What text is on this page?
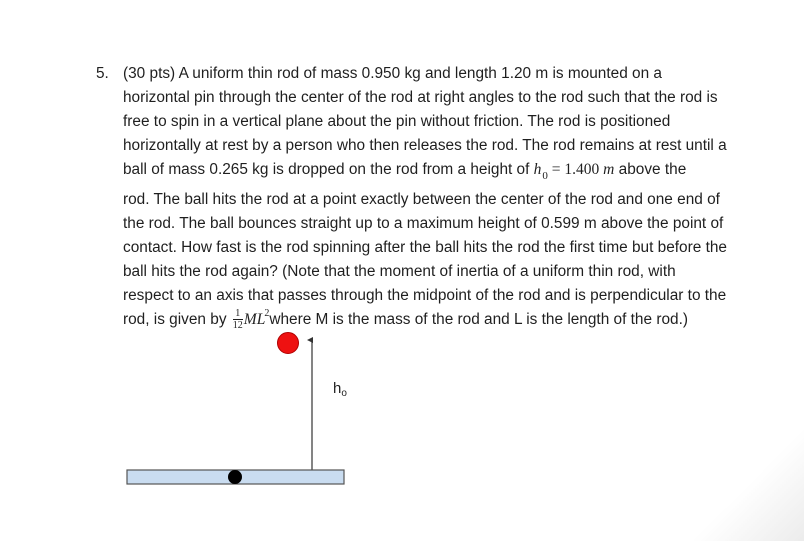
5. (30 pts) A uniform thin rod of mass 0.950 kg and length 1.20 m is mounted on a
horizontal pin through the center of the rod at right angles to the rod such that the rod is
free to spin in a vertical plane about the pin without friction. The rod is positioned
horizontally at rest by a person who then releases the rod. The rod remains at rest until a
ball of mass 0.265 kg is dropped on the rod from a height of $h_0 = 1.400$ m above the
rod. The ball hits the rod at a point exactly between the center of the rod and one end of
the rod. The ball bounces straight up to a maximum height of 0.599 m above the point of
contact. How fast is the rod spinning after the ball hits the rod the first time but before the
ball hits the rod again? (Note that the moment of inertia of a uniform thin rod, with
respect to an axis that passes through the midpoint of the rod and is perpendicular to the
rod, is given by $\frac{1}{12}$ $ML^2where$ M is the mass of the rod and L is the length of the rod.)
$h_o$
